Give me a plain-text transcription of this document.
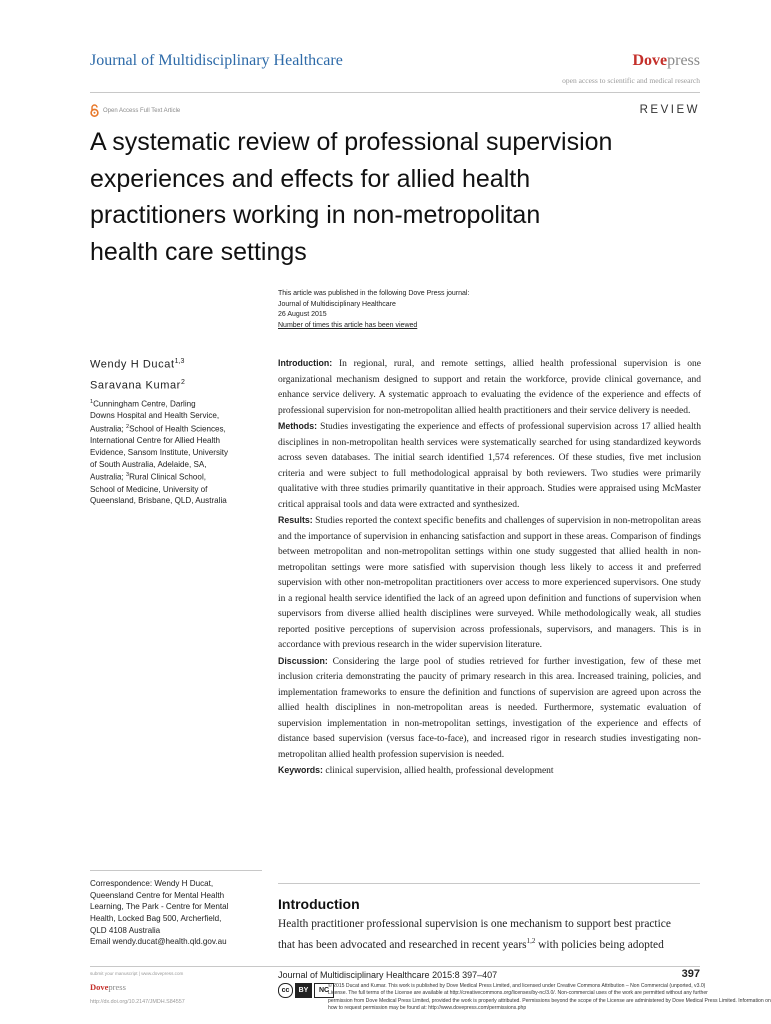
Journal of Multidisciplinary Healthcare	Dovepress
open access to scientific and medical research
Open Access Full Text Article	REVIEW
A systematic review of professional supervision
experiences and effects for allied health
practitioners working in non-metropolitan
health care settings
This article was published in the following Dove Press journal:
Journal of Multidisciplinary Healthcare
26 August 2015
Number of times this article has been viewed
Wendy H Ducat$^{1,3}$
Saravana Kumar$^2$
$^1$Cunningham Centre, Darling
Downs Hospital and Health Service,
Australia; $^2$School of Health Sciences,
International Centre for Allied Health
Evidence, Sansom Institute, University
of South Australia, Adelaide, SA,
Australia; $^3$Rural Clinical School,
School of Medicine, University of
Queensland, Brisbane, QLD, Australia
Correspondence: Wendy H Ducat,
Queensland Centre for Mental Health
Learning, The Park - Centre for Mental
Health, Locked Bag 500, Archerfield,
QLD 4108 Australia
Email wendy.ducat@health.qld.gov.au

Introduction: In regional, rural, and remote settings, allied health professional supervision is one organizational mechanism designed to support and retain the workforce, provide clinical governance, and enhance service delivery. A systematic approach to evaluating the evidence of the experience and effects of professional supervision for non-metropolitan allied health practitioners and their service delivery is needed.

Methods: Studies investigating the experience and effects of professional supervision across 17 allied health disciplines in non-metropolitan health services were systematically searched for using standardized keywords across seven databases. The initial search identified 1,574 references. Of these studies, five met inclusion criteria and were subject to full methodological appraisal by both reviewers. Two studies were primarily qualitative with three studies primarily quantitative in their approach. Studies were appraised using McMaster critical appraisal tools and data were extracted and synthesized.

Results: Studies reported the context specific benefits and challenges of supervision in non-metropolitan areas and the importance of supervision in enhancing satisfaction and support in these areas. Comparison of findings between metropolitan and non-metropolitan settings within one study suggested that allied health in non-metropolitan settings were more satisfied with supervision though less likely to access it and preferred supervision with other non-metropolitan practitioners over access to more experienced supervisors. One study in a regional health service identified the lack of an agreed upon definition and functions of supervision when supervisors from diverse allied health disciplines were surveyed. While methodologically weak, all studies reported positive perceptions of supervision across professionals, supervisors, and managers. This is in accordance with previous research in the wider supervision literature.

Discussion: Considering the large pool of studies retrieved for further investigation, few of these met inclusion criteria demonstrating the paucity of primary research in this area. Increased training, policies, and implementation frameworks to ensure the definition and functions of supervision are agreed upon across the allied health disciplines in non-metropolitan areas is needed. Furthermore, systematic evaluation of supervision implementation in non-metropolitan settings, investigation of the experience and effects of distance based supervision (versus face-to-face), and increased rigor in research studies investigating non-metropolitan allied health profession supervision is needed.

Keywords: clinical supervision, allied health, professional development

Introduction
Health practitioner professional supervision is one mechanism to support best practice
that has been advocated and researched in recent years$^{1,2}$ with policies being adopted
submit your manuscript | www.dovepress.com
Dovepress
http://dx.doi.org/10.2147/JMDH.S84557
Journal of Multidisciplinary Healthcare 2015:8 397–407	397
cc	BY	NC
© 2015 Ducat and Kumar. This work is published by Dove Medical Press Limited, and licensed under Creative Commons Attribution – Non Commercial (unported, v3.0)
License. The full terms of the License are available at http://creativecommons.org/licenses/by-nc/3.0/. Non-commercial uses of the work are permitted without any further
permission from Dove Medical Press Limited, provided the work is properly attributed. Permissions beyond the scope of the License are administered by Dove Medical Press Limited. Information on
how to request permission may be found at: http://www.dovepress.com/permissions.php
